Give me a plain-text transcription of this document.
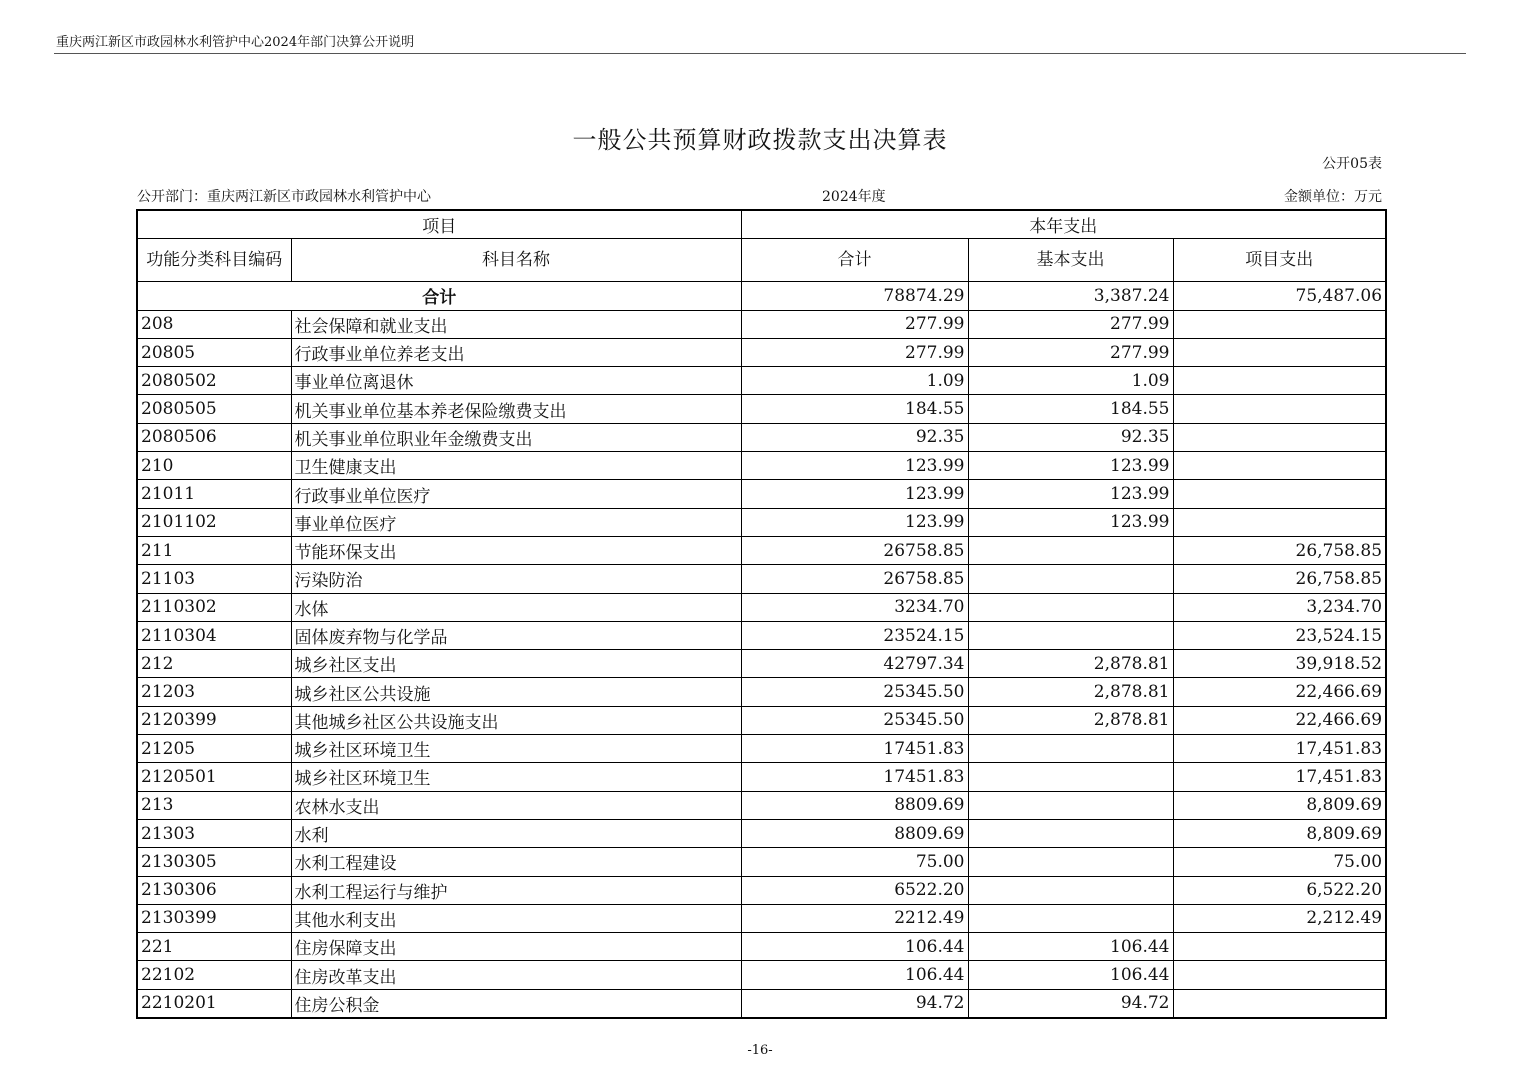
重庆两江新区市政园林水利管护中心2024年部门决算公开说明
一般公共预算财政拨款支出决算表
公开05表
公开部门：重庆两江新区市政园林水利管护中心	2024年度	金额单位：万元
项目		本年支出		
功能分类科目编码	科目名称	合计	基本支出	项目支出
合计		78874.29	3,387.24	75,487.06
208	社会保障和就业支出	277.99	277.99	
20805	行政事业单位养老支出	277.99	277.99	
2080502	事业单位离退休	1.09	1.09	
2080505	机关事业单位基本养老保险缴费支出	184.55	184.55	
2080506	机关事业单位职业年金缴费支出	92.35	92.35	
210	卫生健康支出	123.99	123.99	
21011	行政事业单位医疗	123.99	123.99	
2101102	事业单位医疗	123.99	123.99	
211	节能环保支出	26758.85		26,758.85
21103	污染防治	26758.85		26,758.85
2110302	水体	3234.70		3,234.70
2110304	固体废弃物与化学品	23524.15		23,524.15
212	城乡社区支出	42797.34	2,878.81	39,918.52
21203	城乡社区公共设施	25345.50	2,878.81	22,466.69
2120399	其他城乡社区公共设施支出	25345.50	2,878.81	22,466.69
21205	城乡社区环境卫生	17451.83		17,451.83
2120501	城乡社区环境卫生	17451.83		17,451.83
213	农林水支出	8809.69		8,809.69
21303	水利	8809.69		8,809.69
2130305	水利工程建设	75.00		75.00
2130306	水利工程运行与维护	6522.20		6,522.20
2130399	其他水利支出	2212.49		2,212.49
221	住房保障支出	106.44	106.44	
22102	住房改革支出	106.44	106.44	
2210201	住房公积金	94.72	94.72	
-16-
